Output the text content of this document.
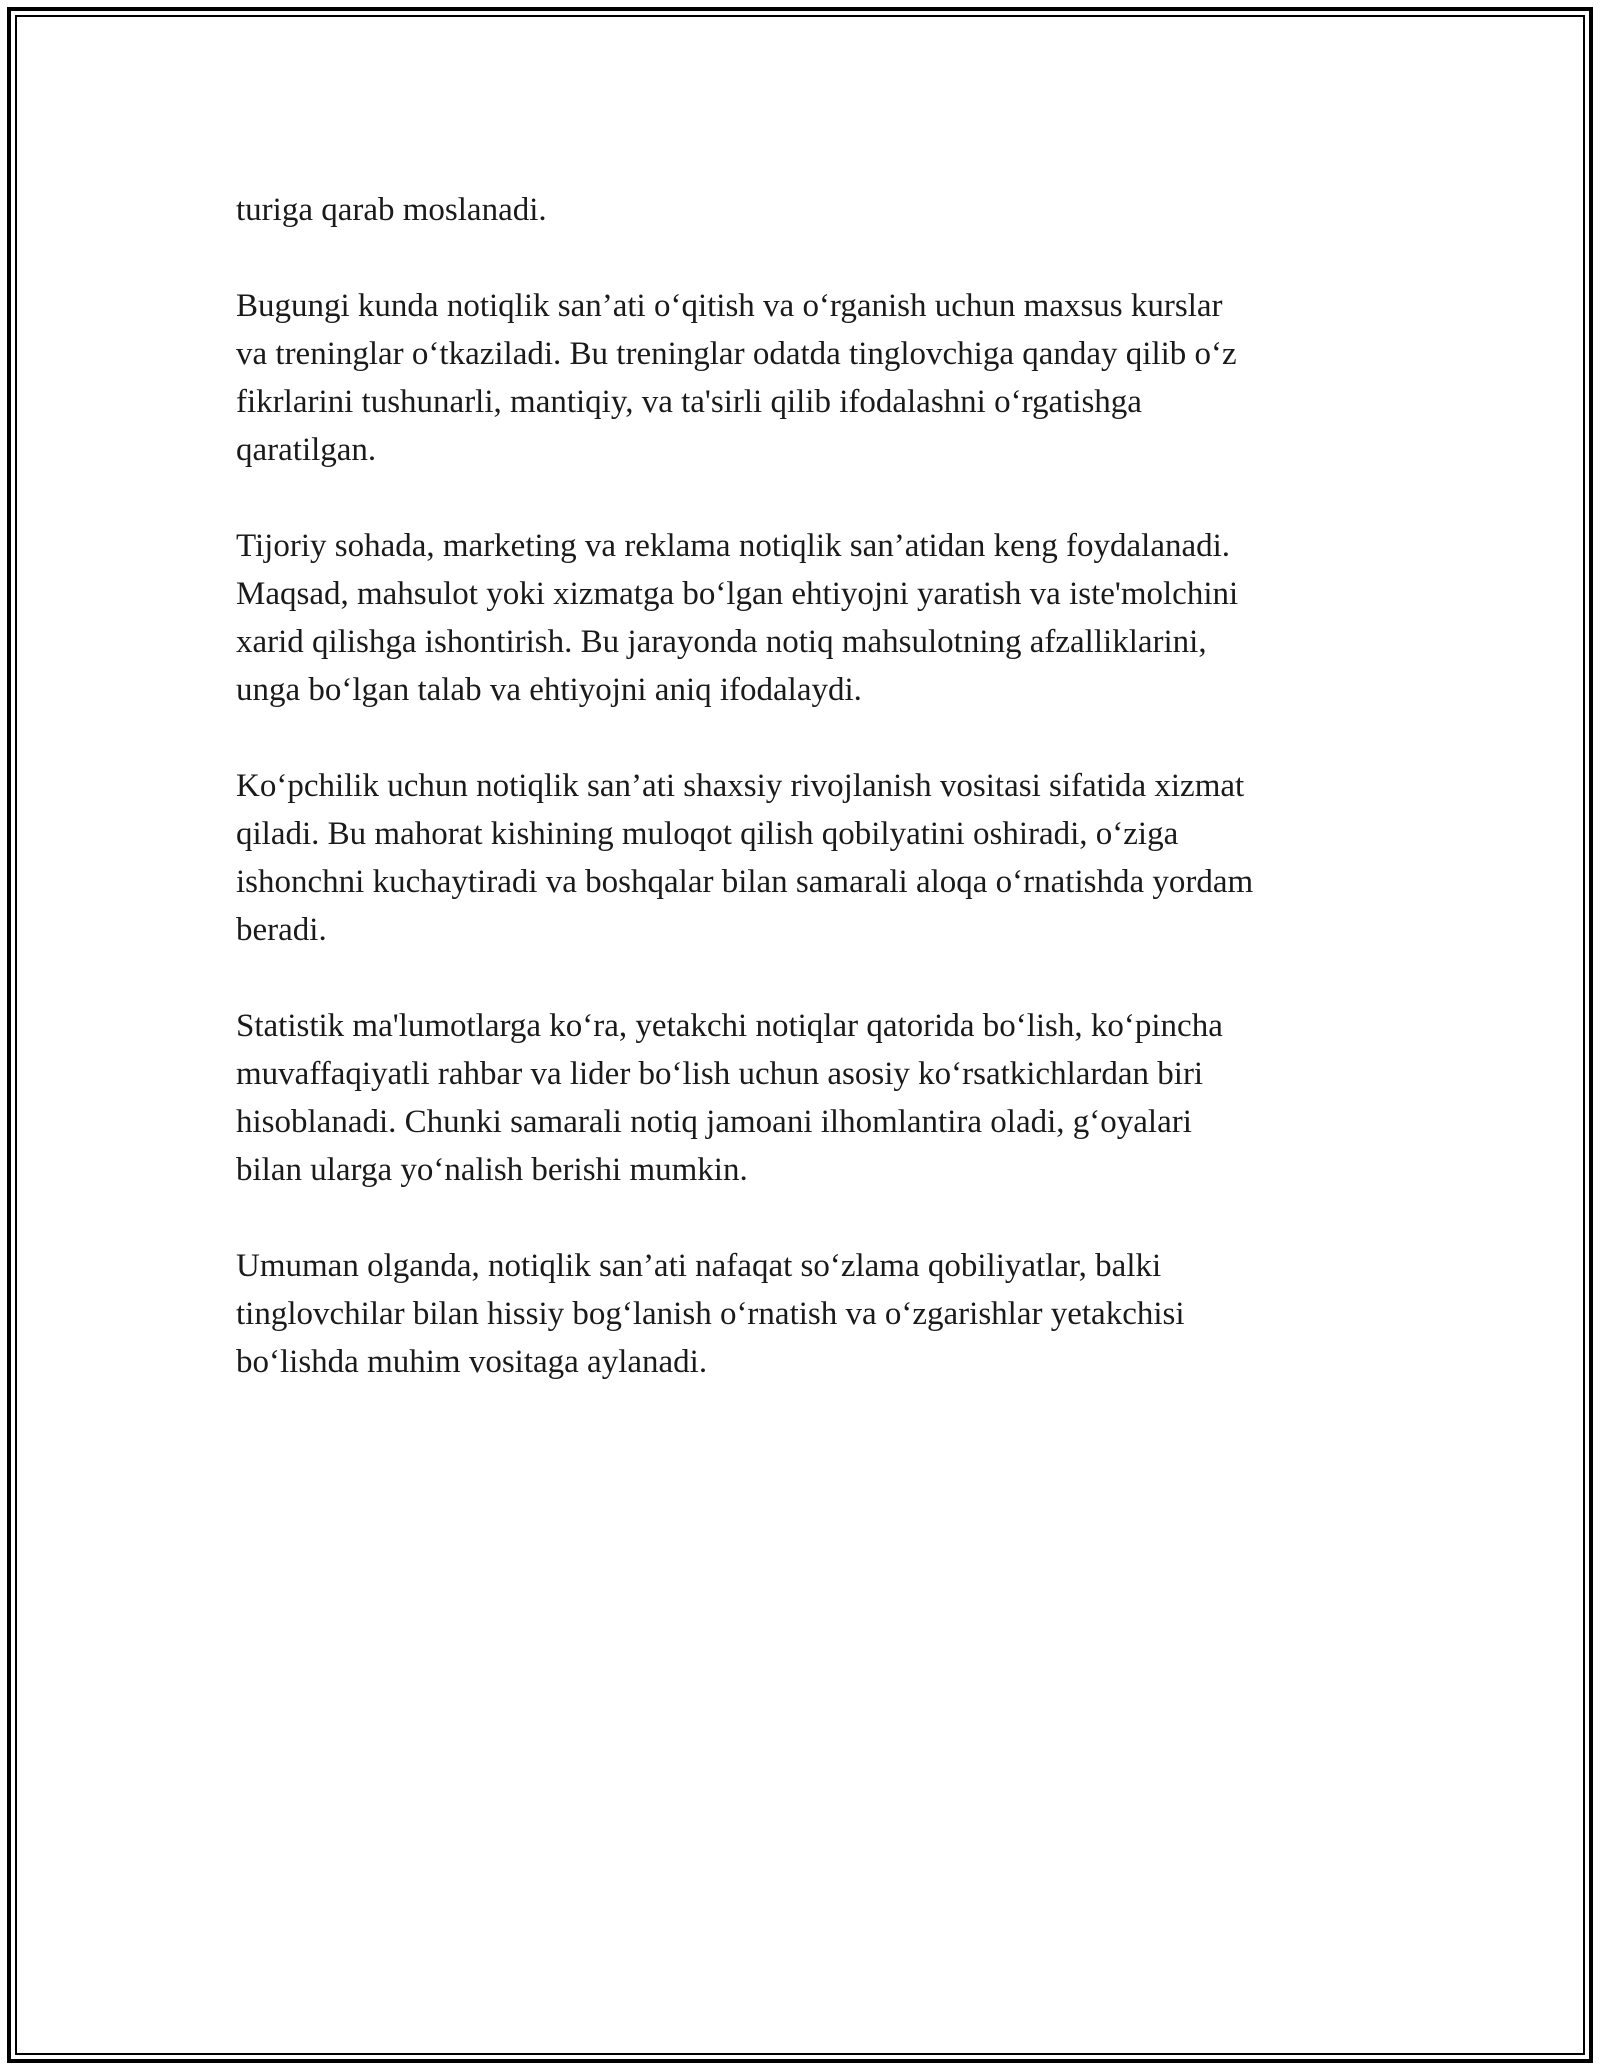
turiga qarab moslanadi.

Bugungi kunda notiqlik san’ati o‘qitish va o‘rganish uchun maxsus kurslar
va treninglar o‘tkaziladi. Bu treninglar odatda tinglovchiga qanday qilib o‘z
fikrlarini tushunarli, mantiqiy, va ta'sirli qilib ifodalashni o‘rgatishga
qaratilgan.

Tijoriy sohada, marketing va reklama notiqlik san’atidan keng foydalanadi.
Maqsad, mahsulot yoki xizmatga bo‘lgan ehtiyojni yaratish va iste'molchini
xarid qilishga ishontirish. Bu jarayonda notiq mahsulotning afzalliklarini,
unga bo‘lgan talab va ehtiyojni aniq ifodalaydi.

Ko‘pchilik uchun notiqlik san’ati shaxsiy rivojlanish vositasi sifatida xizmat
qiladi. Bu mahorat kishining muloqot qilish qobilyatini oshiradi, o‘ziga
ishonchni kuchaytiradi va boshqalar bilan samarali aloqa o‘rnatishda yordam
beradi.

Statistik ma'lumotlarga ko‘ra, yetakchi notiqlar qatorida bo‘lish, ko‘pincha
muvaffaqiyatli rahbar va lider bo‘lish uchun asosiy ko‘rsatkichlardan biri
hisoblanadi. Chunki samarali notiq jamoani ilhomlantira oladi, g‘oyalari
bilan ularga yo‘nalish berishi mumkin.

Umuman olganda, notiqlik san’ati nafaqat so‘zlama qobiliyatlar, balki
tinglovchilar bilan hissiy bog‘lanish o‘rnatish va o‘zgarishlar yetakchisi
bo‘lishda muhim vositaga aylanadi.
